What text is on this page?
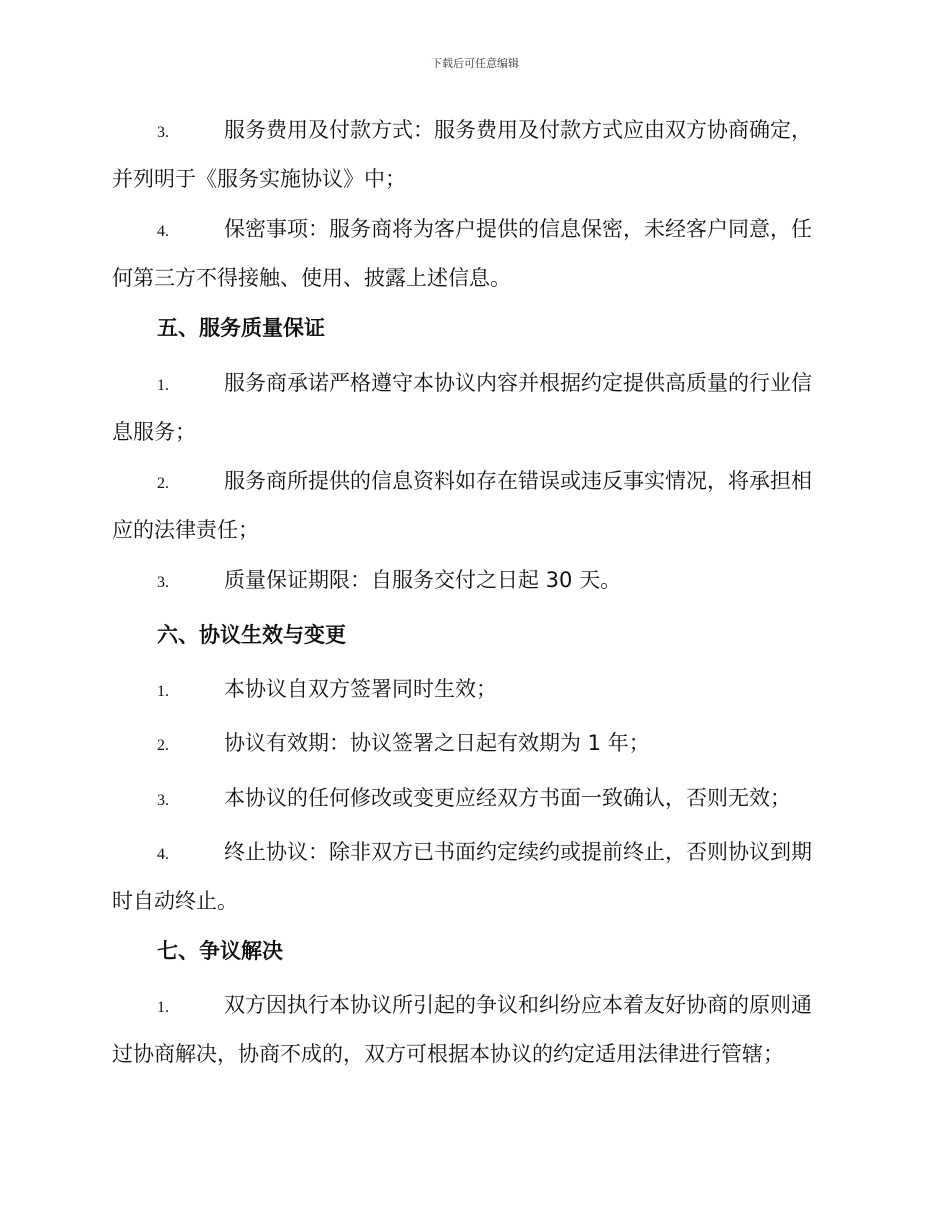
下载后可任意编辑
3.	服务费用及付款方式：服务费用及付款方式应由双方协商确定，
并列明于《服务实施协议》中；
4.	保密事项：服务商将为客户提供的信息保密，未经客户同意，任
何第三方不得接触、使用、披露上述信息。
五、服务质量保证
1.	服务商承诺严格遵守本协议内容并根据约定提供高质量的行业信
息服务；
2.	服务商所提供的信息资料如存在错误或违反事实情况，将承担相
应的法律责任；
3.	质量保证期限：自服务交付之日起 30 天。
六、协议生效与变更
1.	本协议自双方签署同时生效；
2.	协议有效期：协议签署之日起有效期为 1 年；
3.	本协议的任何修改或变更应经双方书面一致确认，否则无效；
4.	终止协议：除非双方已书面约定续约或提前终止，否则协议到期
时自动终止。
七、争议解决
1.	双方因执行本协议所引起的争议和纠纷应本着友好协商的原则通
过协商解决，协商不成的，双方可根据本协议的约定适用法律进行管辖；
